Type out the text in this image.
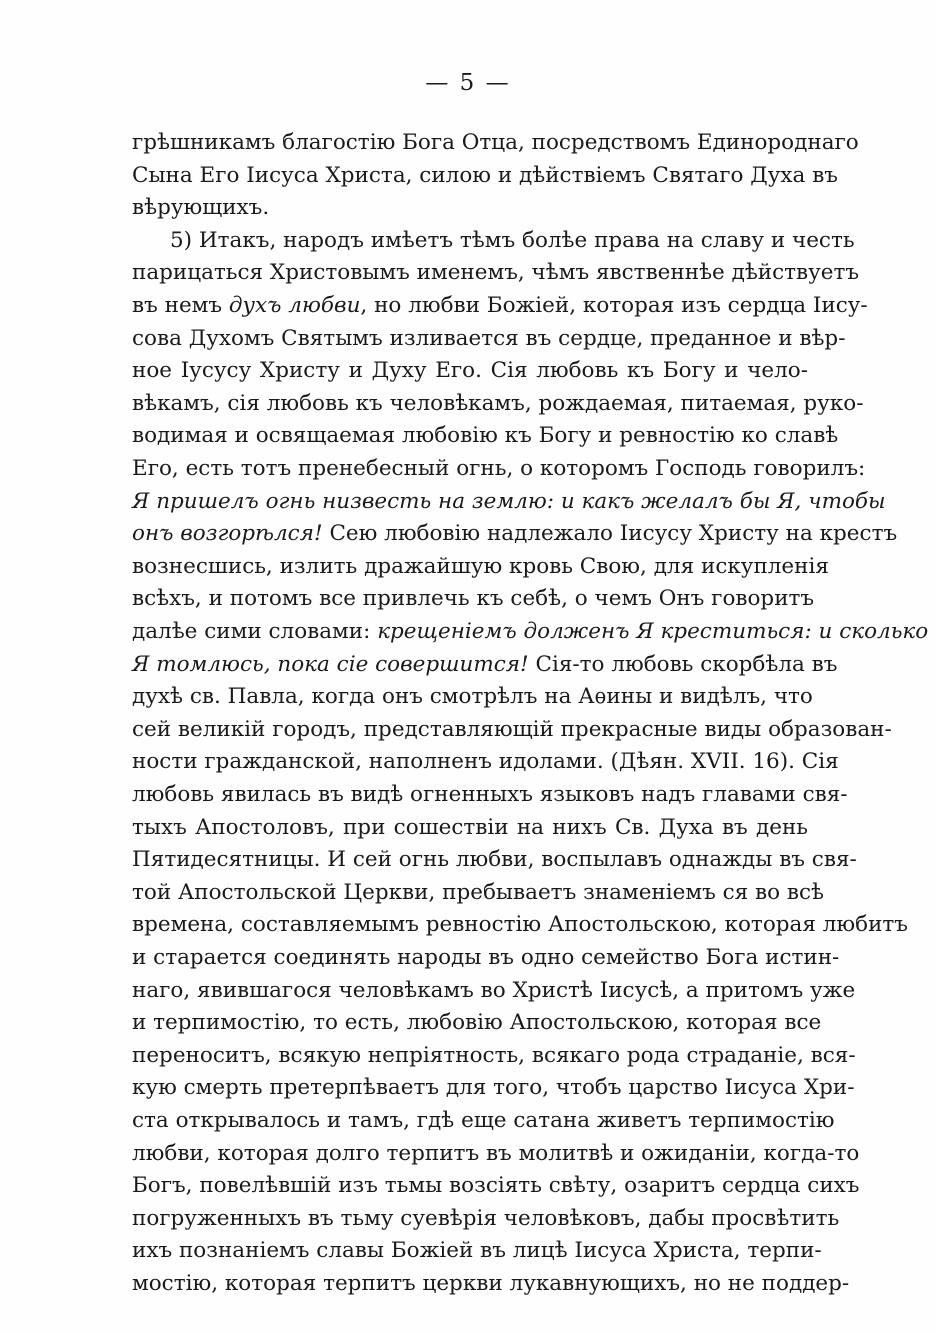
— 5 —
грѣшникамъ благостію Бога Отца, посредствомъ Единороднаго
Сына Его Іисуса Христа, силою и дѣйствіемъ Святаго Духа въ
вѣрующихъ.
5) Итакъ, народъ имѣетъ тѣмъ болѣе права на славу и честь
парицаться Христовымъ именемъ, чѣмъ явственнѣе дѣйствуетъ
въ немъ духъ любви, но любви Божіей, которая изъ сердца Іису-
сова Духомъ Святымъ изливается въ сердце, преданное и вѣр-
ное Іусусу Христу и Духу Его. Сія любовь къ Богу и чело-
вѣкамъ, сія любовь къ человѣкамъ, рождаемая, питаемая, руко-
водимая и освящаемая любовію къ Богу и ревностію ко славѣ
Его, есть тотъ пренебесный огнь, о которомъ Господь говорилъ:
Я пришелъ огнь низвесть на землю: и какъ желалъ бы Я, чтобы
онъ возгорѣлся! Сею любовію надлежало Іисусу Христу на крестъ
вознесшись, излить дражайшую кровь Свою, для искупленія
всѣхъ, и потомъ все привлечь къ себѣ, о чемъ Онъ говоритъ
далѣе сими словами: крещеніемъ долженъ Я креститься: и сколько
Я томлюсь, пока сіе совершится! Сія-то любовь скорбѣла въ
духѣ св. Павла, когда онъ смотрѣлъ на Аѳины и видѣлъ, что
сей великій городъ, представляющій прекрасные виды образован-
ности гражданской, наполненъ идолами. (Дѣян. XVII. 16). Сія
любовь явилась въ видѣ огненныхъ языковъ надъ главами свя-
тыхъ Апостоловъ, при сошествіи на нихъ Св. Духа въ день
Пятидесятницы. И сей огнь любви, воспылавъ однажды въ свя-
той Апостольской Церкви, пребываетъ знаменіемъ ся во всѣ
времена, составляемымъ ревностію Апостольскою, которая любитъ
и старается соединять народы въ одно семейство Бога истин-
наго, явившагося человѣкамъ во Христѣ Іисусѣ, а притомъ уже
и терпимостію, то есть, любовію Апостольскою, которая все
переноситъ, всякую непріятность, всякаго рода страданіе, вся-
кую смерть претерпѣваетъ для того, чтобъ царство Іисуса Хри-
ста открывалось и тамъ, гдѣ еще сатана живетъ терпимостію
любви, которая долго терпитъ въ молитвѣ и ожиданіи, когда-то
Богъ, повелѣвшій изъ тьмы возсіять свѣту, озаритъ сердца сихъ
погруженныхъ въ тьму суевѣрія человѣковъ, дабы просвѣтить
ихъ познаніемъ славы Божіей въ лицѣ Іисуса Христа, терпи-
мостію, которая терпитъ церкви лукавнующихъ, но не поддер-
